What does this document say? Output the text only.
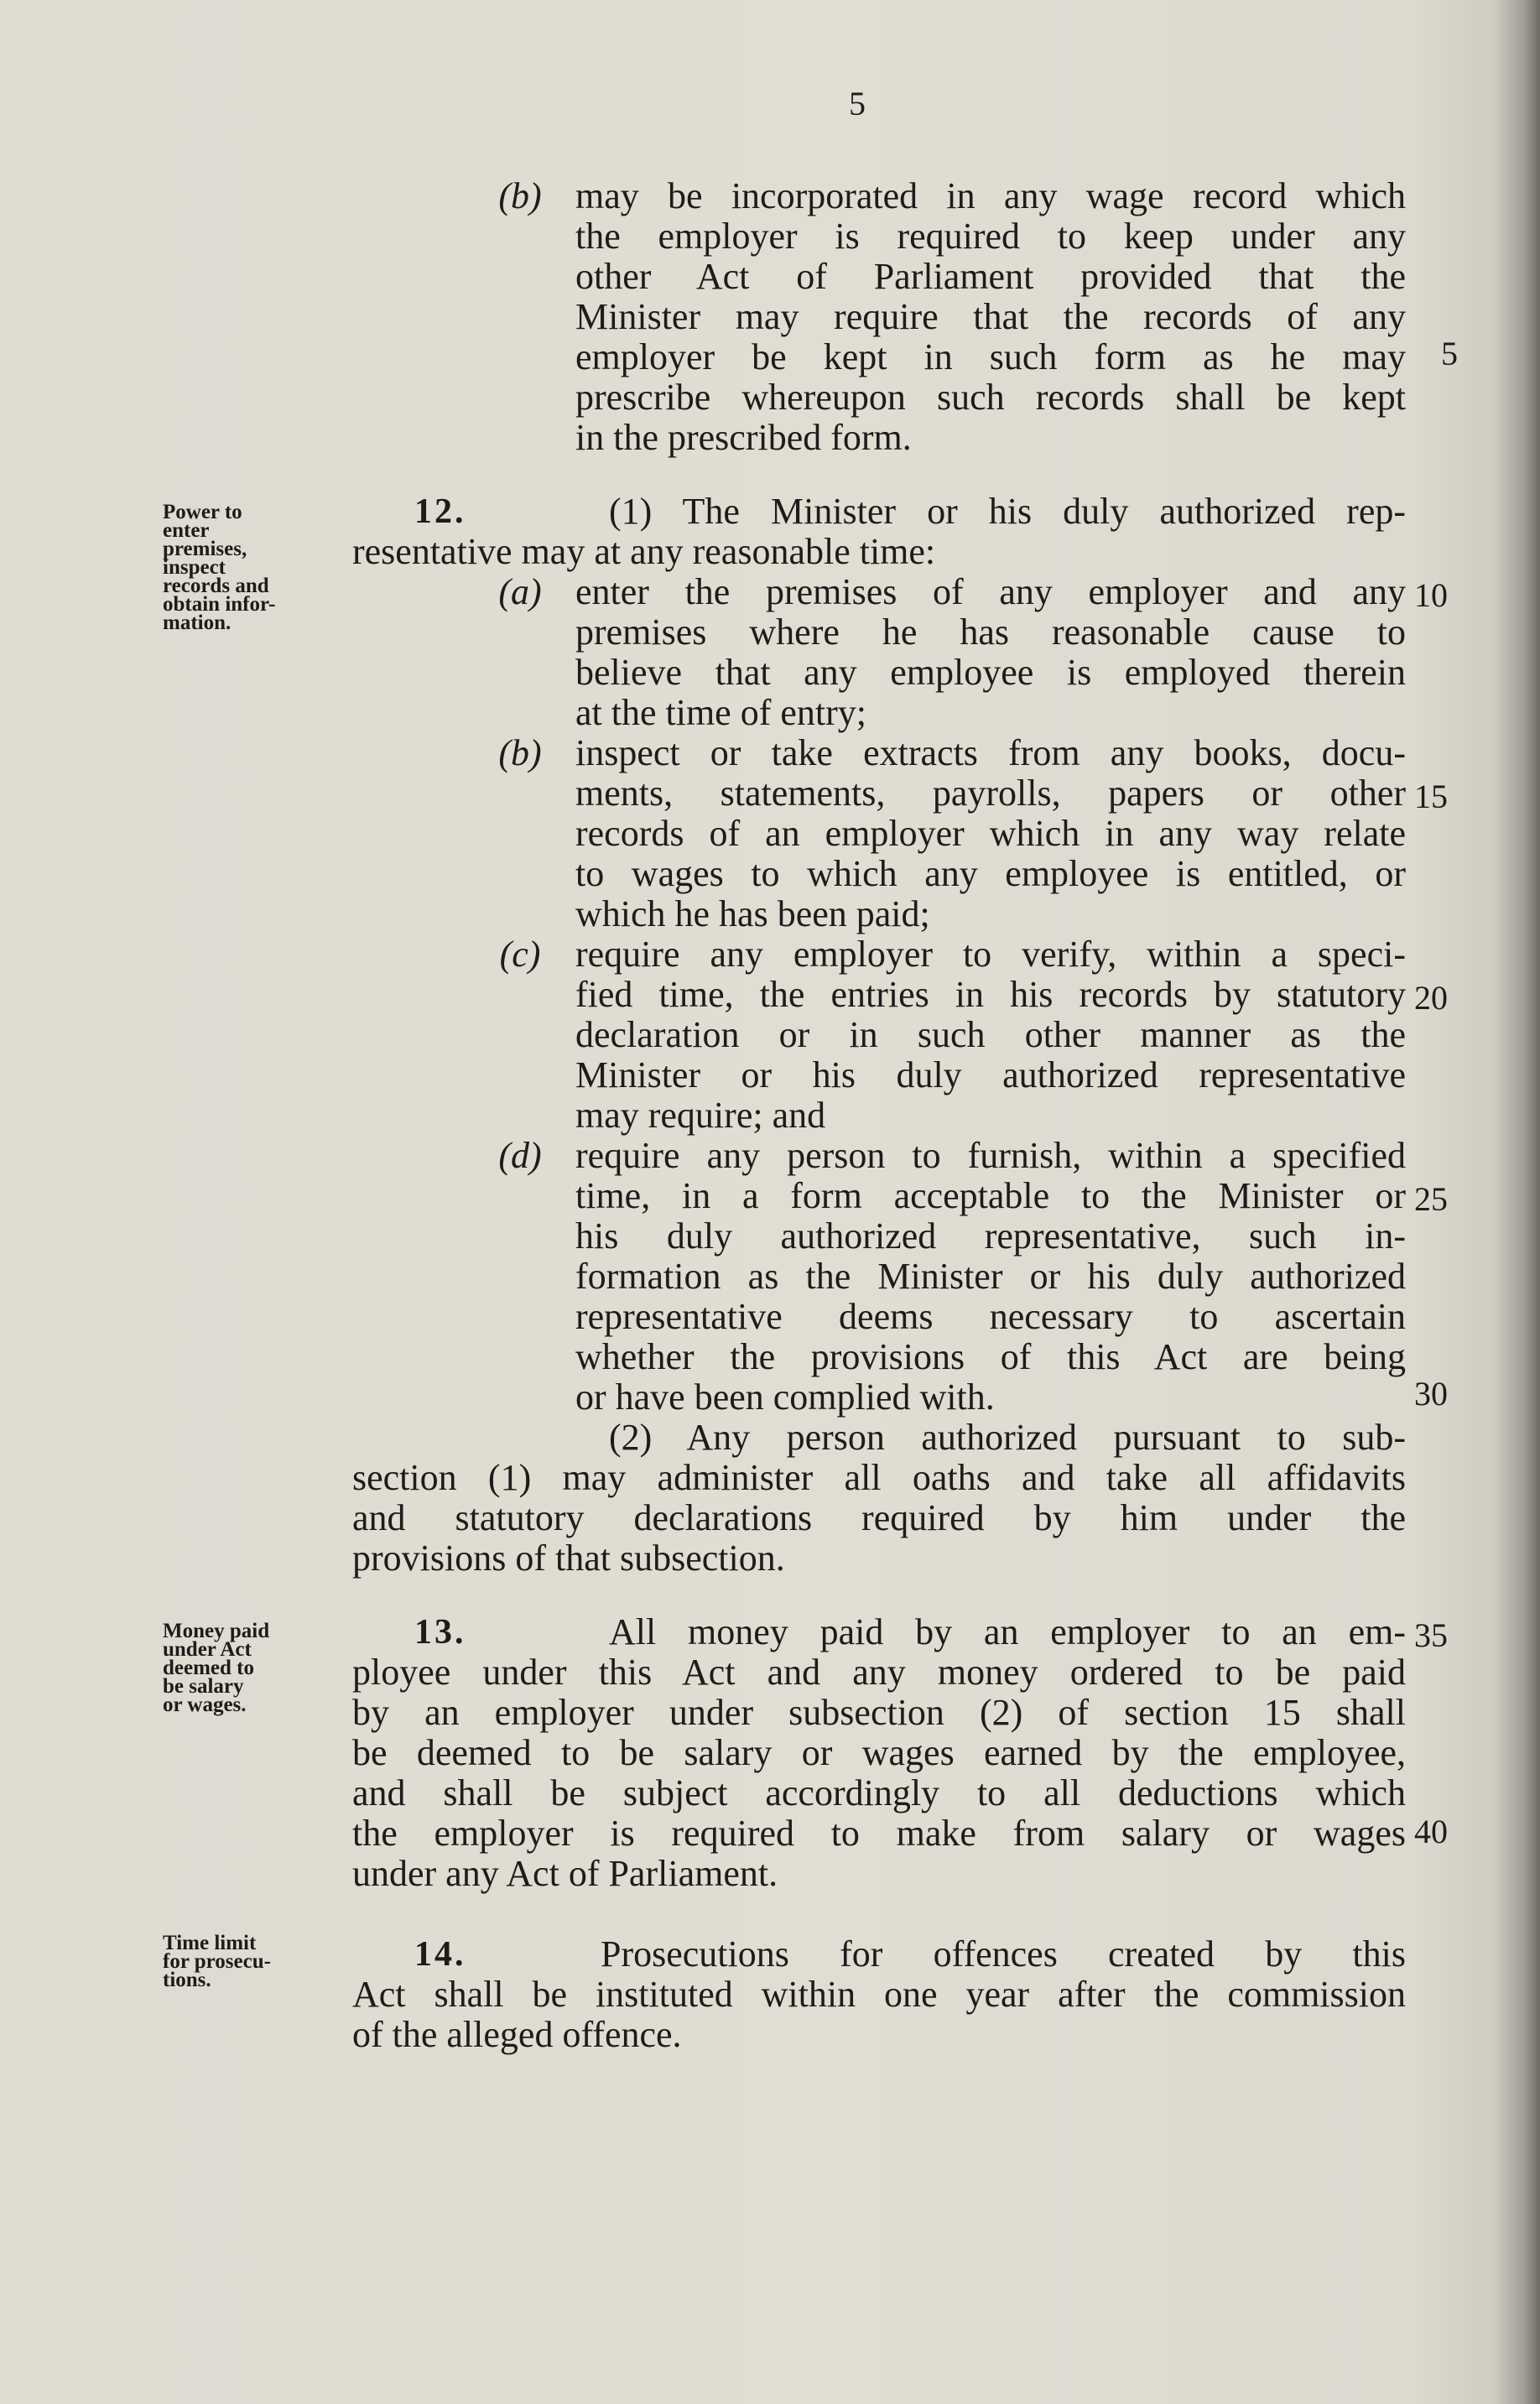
5
(b) may be incorporated in any wage record which
the employer is required to keep under any
other Act of Parliament provided that the
Minister may require that the records of any
employer be kept in such form as he may
prescribe whereupon such records shall be kept
in the prescribed form.
Power to
enter
premises,
inspect
records and
obtain infor-
mation.
12.	(1) The Minister or his duly authorized rep-
resentative may at any reasonable time:
(a) enter the premises of any employer and any
premises where he has reasonable cause to
believe that any employee is employed therein
at the time of entry;
(b) inspect or take extracts from any books, docu-
ments, statements, payrolls, papers or other
records of an employer which in any way relate
to wages to which any employee is entitled, or
which he has been paid;
(c) require any employer to verify, within a speci-
fied time, the entries in his records by statutory
declaration or in such other manner as the
Minister or his duly authorized representative
may require; and
(d) require any person to furnish, within a specified
time, in a form acceptable to the Minister or
his duly authorized representative, such in-
formation as the Minister or his duly authorized
representative deems necessary to ascertain
whether the provisions of this Act are being
or have been complied with.
(2) Any person authorized pursuant to sub-
section (1) may administer all oaths and take all affidavits
and statutory declarations required by him under the
provisions of that subsection.
Money paid
under Act
deemed to
be salary
or wages.
13.	All money paid by an employer to an em-
ployee under this Act and any money ordered to be paid
by an employer under subsection (2) of section 15 shall
be deemed to be salary or wages earned by the employee,
and shall be subject accordingly to all deductions which
the employer is required to make from salary or wages
under any Act of Parliament.
Time limit
for prosecu-
tions.
14.	Prosecutions for offences created by this
Act shall be instituted within one year after the commission
of the alleged offence.
5
10
15
20
25
30
35
40
